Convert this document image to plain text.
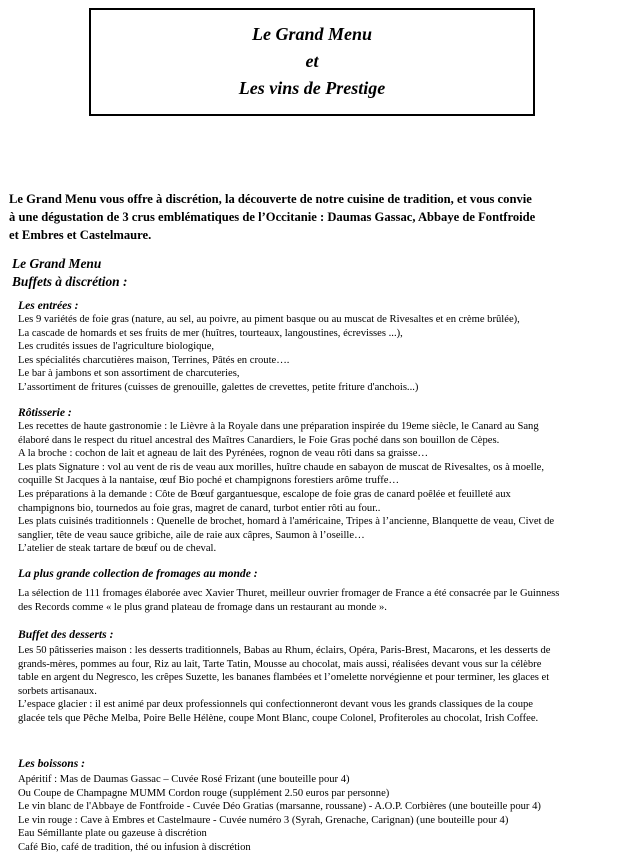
Le Grand Menu
et
Les vins de Prestige
Le Grand Menu vous offre à discrétion, la découverte de notre cuisine de tradition, et vous convie
à une dégustation de 3 crus emblématiques de l’Occitanie : Daumas Gassac, Abbaye de Fontfroide
et Embres et Castelmaure.
Le Grand Menu
Buffets à discrétion :
Les entrées :
Les 9 variétés de foie gras (nature, au sel, au poivre, au piment basque ou au muscat de Rivesaltes et en crème brûlée),
La cascade de homards et ses fruits de mer (huîtres, tourteaux, langoustines, écrevisses ...),
Les crudités issues de l'agriculture biologique,
Les spécialités charcutières maison, Terrines, Pâtés en croute….
Le bar à jambons et son assortiment de charcuteries,
L’assortiment de fritures (cuisses de grenouille, galettes de crevettes, petite friture d'anchois...)
Rôtisserie :
Les recettes de haute gastronomie : le Lièvre à la Royale dans une préparation inspirée du 19eme siècle, le Canard au Sang
élaboré dans le respect du rituel ancestral des Maîtres Canardiers, le Foie Gras poché dans son bouillon de Cèpes.
A la broche : cochon de lait et agneau de lait des Pyrénées, rognon de veau rôti dans sa graisse…
Les plats Signature : vol au vent de ris de veau aux morilles, huître chaude en sabayon de muscat de Rivesaltes, os à moelle,
coquille St Jacques à la nantaise, œuf Bio poché et champignons forestiers arôme truffe…
Les préparations à la demande : Côte de Bœuf gargantuesque, escalope de foie gras de canard poêlée et feuilleté aux
champignons bio, tournedos au foie gras, magret de canard, turbot entier rôti au four..
Les plats cuisinés traditionnels : Quenelle de brochet, homard à l'américaine, Tripes à l’ancienne, Blanquette de veau, Civet de
sanglier, tête de veau sauce gribiche, aile de raie aux câpres, Saumon à l’oseille…
L’atelier de steak tartare de bœuf ou de cheval.
La plus grande collection de fromages au monde :
La sélection de 111 fromages élaborée avec Xavier Thuret, meilleur ouvrier fromager de France a été consacrée par le Guinness
des Records comme « le plus grand plateau de fromage dans un restaurant au monde ».
Buffet des desserts :
Les 50 pâtisseries maison : les desserts traditionnels, Babas au Rhum, éclairs, Opéra, Paris-Brest, Macarons, et les desserts de
grands-mères, pommes au four, Riz au lait, Tarte Tatin, Mousse au chocolat, mais aussi, réalisées devant vous sur la célèbre
table en argent du Negresco, les crêpes Suzette, les bananes flambées et l’omelette norvégienne et pour terminer, les glaces et
sorbets artisanaux.
L’espace glacier : il est animé par deux professionnels qui confectionneront devant vous les grands classiques de la coupe
glacée tels que Pêche Melba, Poire Belle Hélène, coupe Mont Blanc, coupe Colonel, Profiteroles au chocolat, Irish Coffee.
Les boissons :
Apéritif : Mas de Daumas Gassac – Cuvée Rosé Frizant (une bouteille pour 4)
Ou Coupe de Champagne MUMM Cordon rouge (supplément 2.50 euros par personne)
Le vin blanc de l'Abbaye de Fontfroide - Cuvée Déo Gratias (marsanne, roussane) - A.O.P. Corbières (une bouteille pour 4)
Le vin rouge : Cave à Embres et Castelmaure - Cuvée numéro 3 (Syrah, Grenache, Carignan) (une bouteille pour 4)
Eau Sémillante plate ou gazeuse à discrétion
Café Bio, café de tradition, thé ou infusion à discrétion
